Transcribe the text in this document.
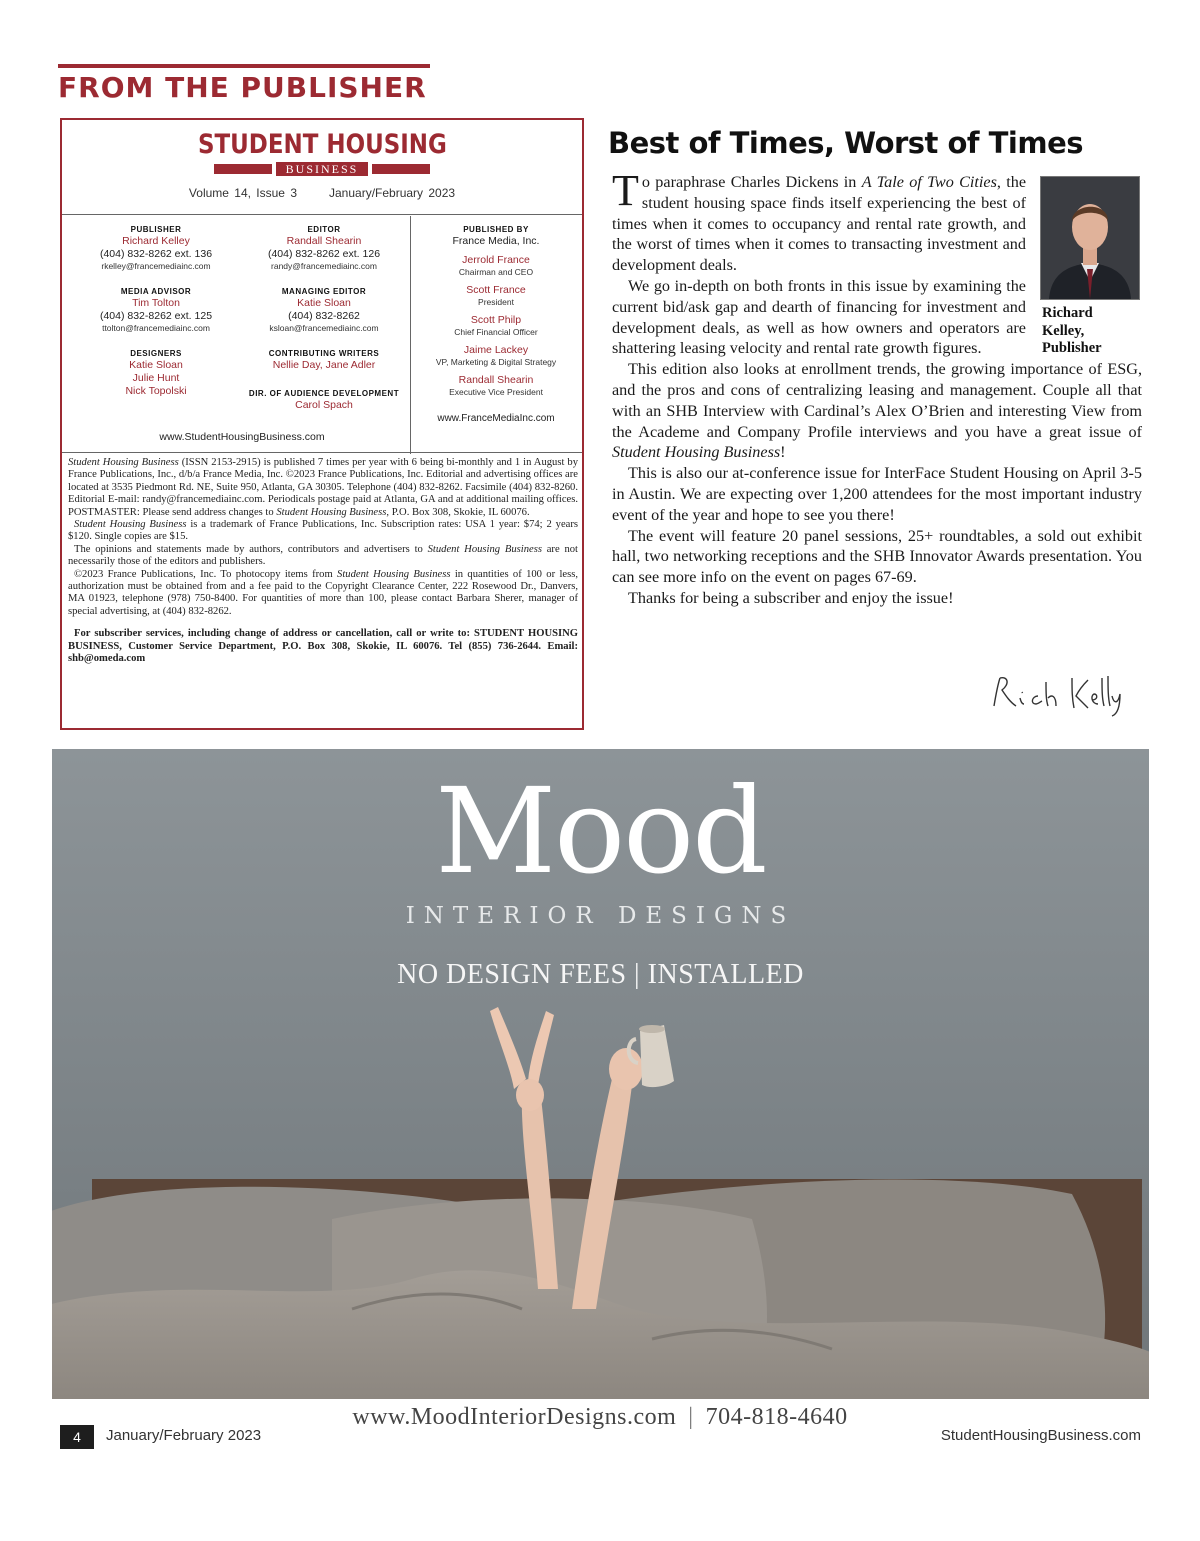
FROM THE PUBLISHER
STUDENT HOUSING
BUSINESS
Volume 14, Issue 3	January/February 2023
PUBLISHER
Richard Kelley
(404) 832-8262 ext. 136
rkelley@francemediainc.com
MEDIA ADVISOR
Tim Tolton
(404) 832-8262 ext. 125
ttolton@francemediainc.com
DESIGNERS
Katie Sloan
Julie Hunt
Nick Topolski
EDITOR
Randall Shearin
(404) 832-8262 ext. 126
randy@francemediainc.com
MANAGING EDITOR
Katie Sloan
(404) 832-8262
ksloan@francemediainc.com
CONTRIBUTING WRITERS
Nellie Day, Jane Adler
DIR. OF AUDIENCE DEVELOPMENT
Carol Spach
PUBLISHED BY
France Media, Inc.
Jerrold France
Chairman and CEO
Scott France
President
Scott Philp
Chief Financial Officer
Jaime Lackey
VP, Marketing & Digital Strategy
Randall Shearin
Executive Vice President
www.FranceMediaInc.com
www.StudentHousingBusiness.com

Student Housing Business (ISSN 2153-2915) is published 7 times per year with 6 being bi-monthly and 1 in August by France Publications, Inc., d/b/a France Media, Inc. ©2023 France Publications, Inc. Editorial and advertising offices are located at 3535 Piedmont Rd. NE, Suite 950, Atlanta, GA 30305. Telephone (404) 832-8262. Facsimile (404) 832-8260. Editorial E-mail: randy@francemediainc.com. Periodicals postage paid at Atlanta, GA and at additional mailing offices. POSTMASTER: Please send address changes to Student Housing Business, P.O. Box 308, Skokie, IL 60076.

Student Housing Business is a trademark of France Publications, Inc. Subscription rates: USA 1 year: $74; 2 years $120. Single copies are $15.

The opinions and statements made by authors, contributors and advertisers to Student Housing Business are not necessarily those of the editors and publishers.

©2023 France Publications, Inc. To photocopy items from Student Housing Business in quantities of 100 or less, authorization must be obtained from and a fee paid to the Copyright Clearance Center, 222 Rosewood Dr., Danvers, MA 01923, telephone (978) 750-8400. For quantities of more than 100, please contact Barbara Sherer, manager of special advertising, at (404) 832-8262.

For subscriber services, including change of address or cancellation, call or write to: STUDENT HOUSING BUSINESS, Customer Service Department, P.O. Box 308, Skokie, IL 60076. Tel (855) 736-2644. Email: shb@omeda.com

Best of Times, Worst of Times
Richard
Kelley,
Publisher

To paraphrase Charles Dickens in A Tale of Two Cities, the student housing space finds itself experiencing the best of times when it comes to occupancy and rental rate growth, and the worst of times when it comes to transacting investment and development deals.

We go in-depth on both fronts in this issue by examining the current bid/ask gap and dearth of financing for investment and development deals, as well as how owners and operators are shattering leasing velocity and rental rate growth figures.

This edition also looks at enrollment trends, the growing importance of ESG, and the pros and cons of centralizing leasing and management. Couple all that with an SHB Interview with Cardinal’s Alex O’Brien and interesting View from the Academe and Company Profile interviews and you have a great issue of Student Housing Business!

This is also our at-conference issue for InterFace Student Housing on April 3-5 in Austin. We are expecting over 1,200 attendees for the most important industry event of the year and hope to see you there!

The event will feature 20 panel sessions, 25+ roundtables, a sold out exhibit hall, two networking receptions and the SHB Innovator Awards presentation. You can see more info on the event on pages 67-69.

Thanks for being a subscriber and enjoy the issue!

Mood
INTERIOR DESIGNS
NO DESIGN FEES | INSTALLED
www.MoodInteriorDesigns.com | 704-818-4640
4	January/February 2023	StudentHousingBusiness.com
